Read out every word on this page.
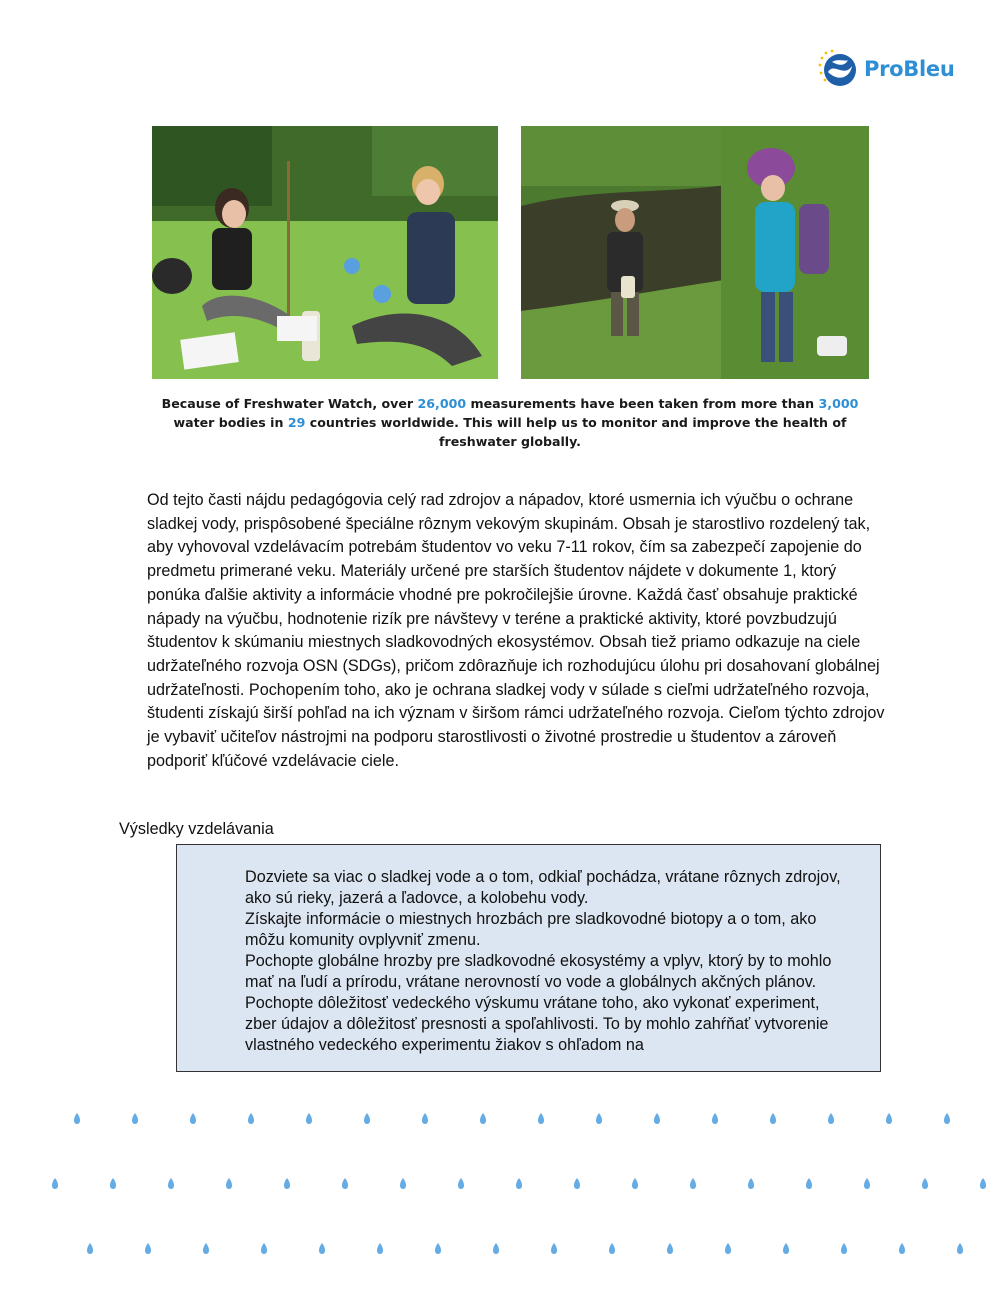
ProBleu
Because of Freshwater Watch, over 26,000 measurements have been taken from more than 3,000 water bodies in 29 countries worldwide. This will help us to monitor and improve the health of freshwater globally.
Od tejto časti nájdu pedagógovia celý rad zdrojov a nápadov, ktoré usmernia ich výučbu o ochrane sladkej vody, prispôsobené špeciálne rôznym vekovým skupinám. Obsah je starostlivo rozdelený tak, aby vyhovoval vzdelávacím potrebám študentov vo veku 7-11 rokov, čím sa zabezpečí zapojenie do predmetu primerané veku. Materiály určené pre starších študentov nájdete v dokumente 1, ktorý ponúka ďalšie aktivity a informácie vhodné pre pokročilejšie úrovne. Každá časť obsahuje praktické nápady na výučbu, hodnotenie rizík pre návštevy v teréne a praktické aktivity, ktoré povzbudzujú študentov k skúmaniu miestnych sladkovodných ekosystémov. Obsah tiež priamo odkazuje na ciele udržateľného rozvoja OSN (SDGs), pričom zdôrazňuje ich rozhodujúcu úlohu pri dosahovaní globálnej udržateľnosti. Pochopením toho, ako je ochrana sladkej vody v súlade s cieľmi udržateľného rozvoja, študenti získajú širší pohľad na ich význam v širšom rámci udržateľného rozvoja. Cieľom týchto zdrojov je vybaviť učiteľov nástrojmi na podporu starostlivosti o životné prostredie u študentov a zároveň podporiť kľúčové vzdelávacie ciele.
Výsledky vzdelávania
Dozviete sa viac o sladkej vode a o tom, odkiaľ pochádza, vrátane rôznych zdrojov, ako sú rieky, jazerá a ľadovce, a kolobehu vody.
Získajte informácie o miestnych hrozbách pre sladkovodné biotopy a o tom, ako môžu komunity ovplyvniť zmenu.
Pochopte globálne hrozby pre sladkovodné ekosystémy a vplyv, ktorý by to mohlo mať na ľudí a prírodu, vrátane nerovností vo vode a globálnych akčných plánov.
Pochopte dôležitosť vedeckého výskumu vrátane toho, ako vykonať experiment, zber údajov a dôležitosť presnosti a spoľahlivosti. To by mohlo zahŕňať vytvorenie vlastného vedeckého experimentu žiakov s ohľadom na
